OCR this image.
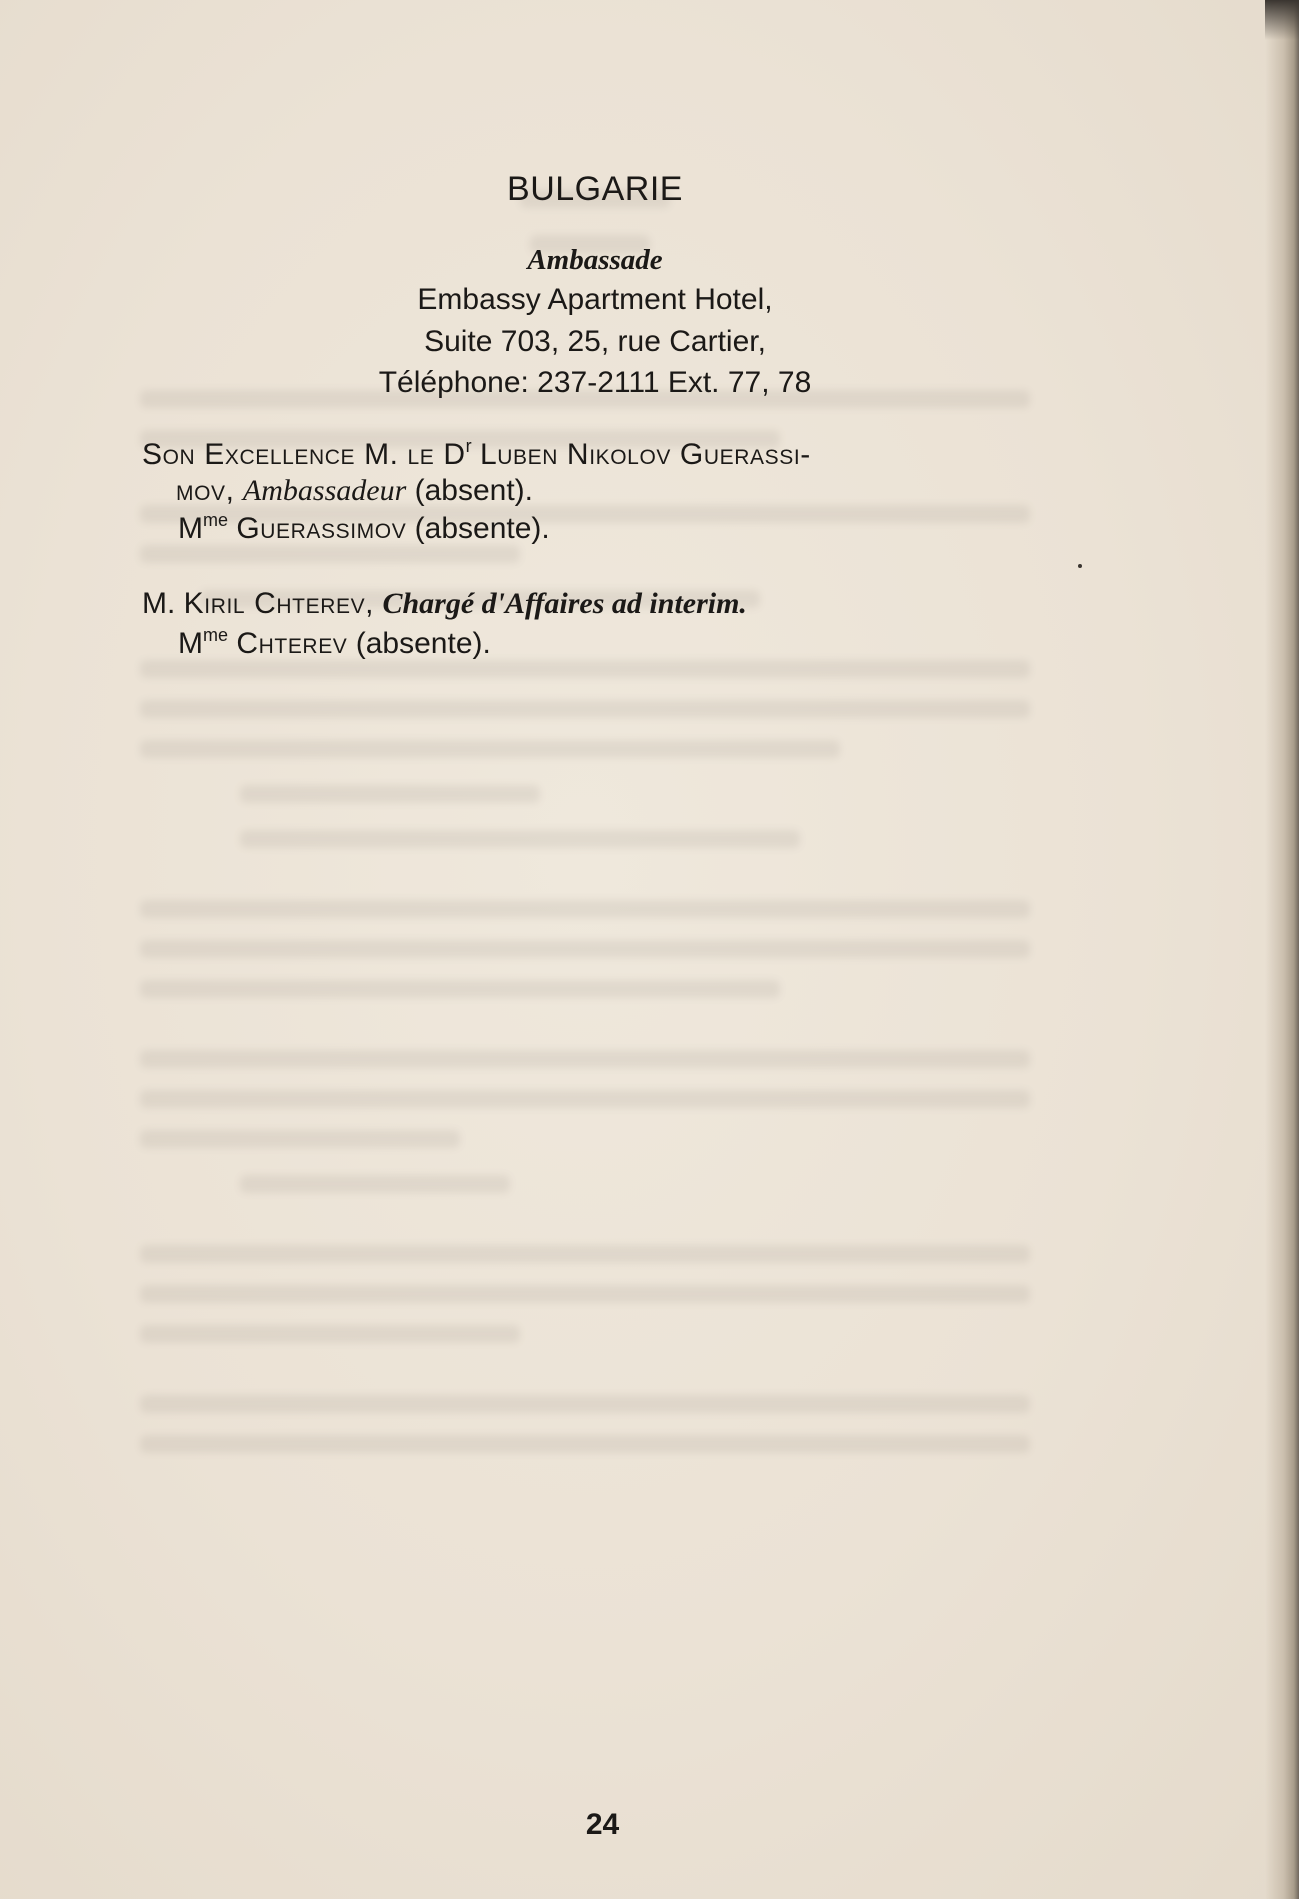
BULGARIE
Ambassade
Embassy Apartment Hotel,
Suite 703, 25, rue Cartier,
Téléphone: 237-2111 Ext. 77, 78
Son Excellence M. le $D^r$ Luben Nikolov Guerassi-
mov, Ambassadeur (absent).
$M^{me}$ Guerassimov (absente).
M. Kiril Chterev, Chargé d'Affaires ad interim.
$M^{me}$ Chterev (absente).
24
